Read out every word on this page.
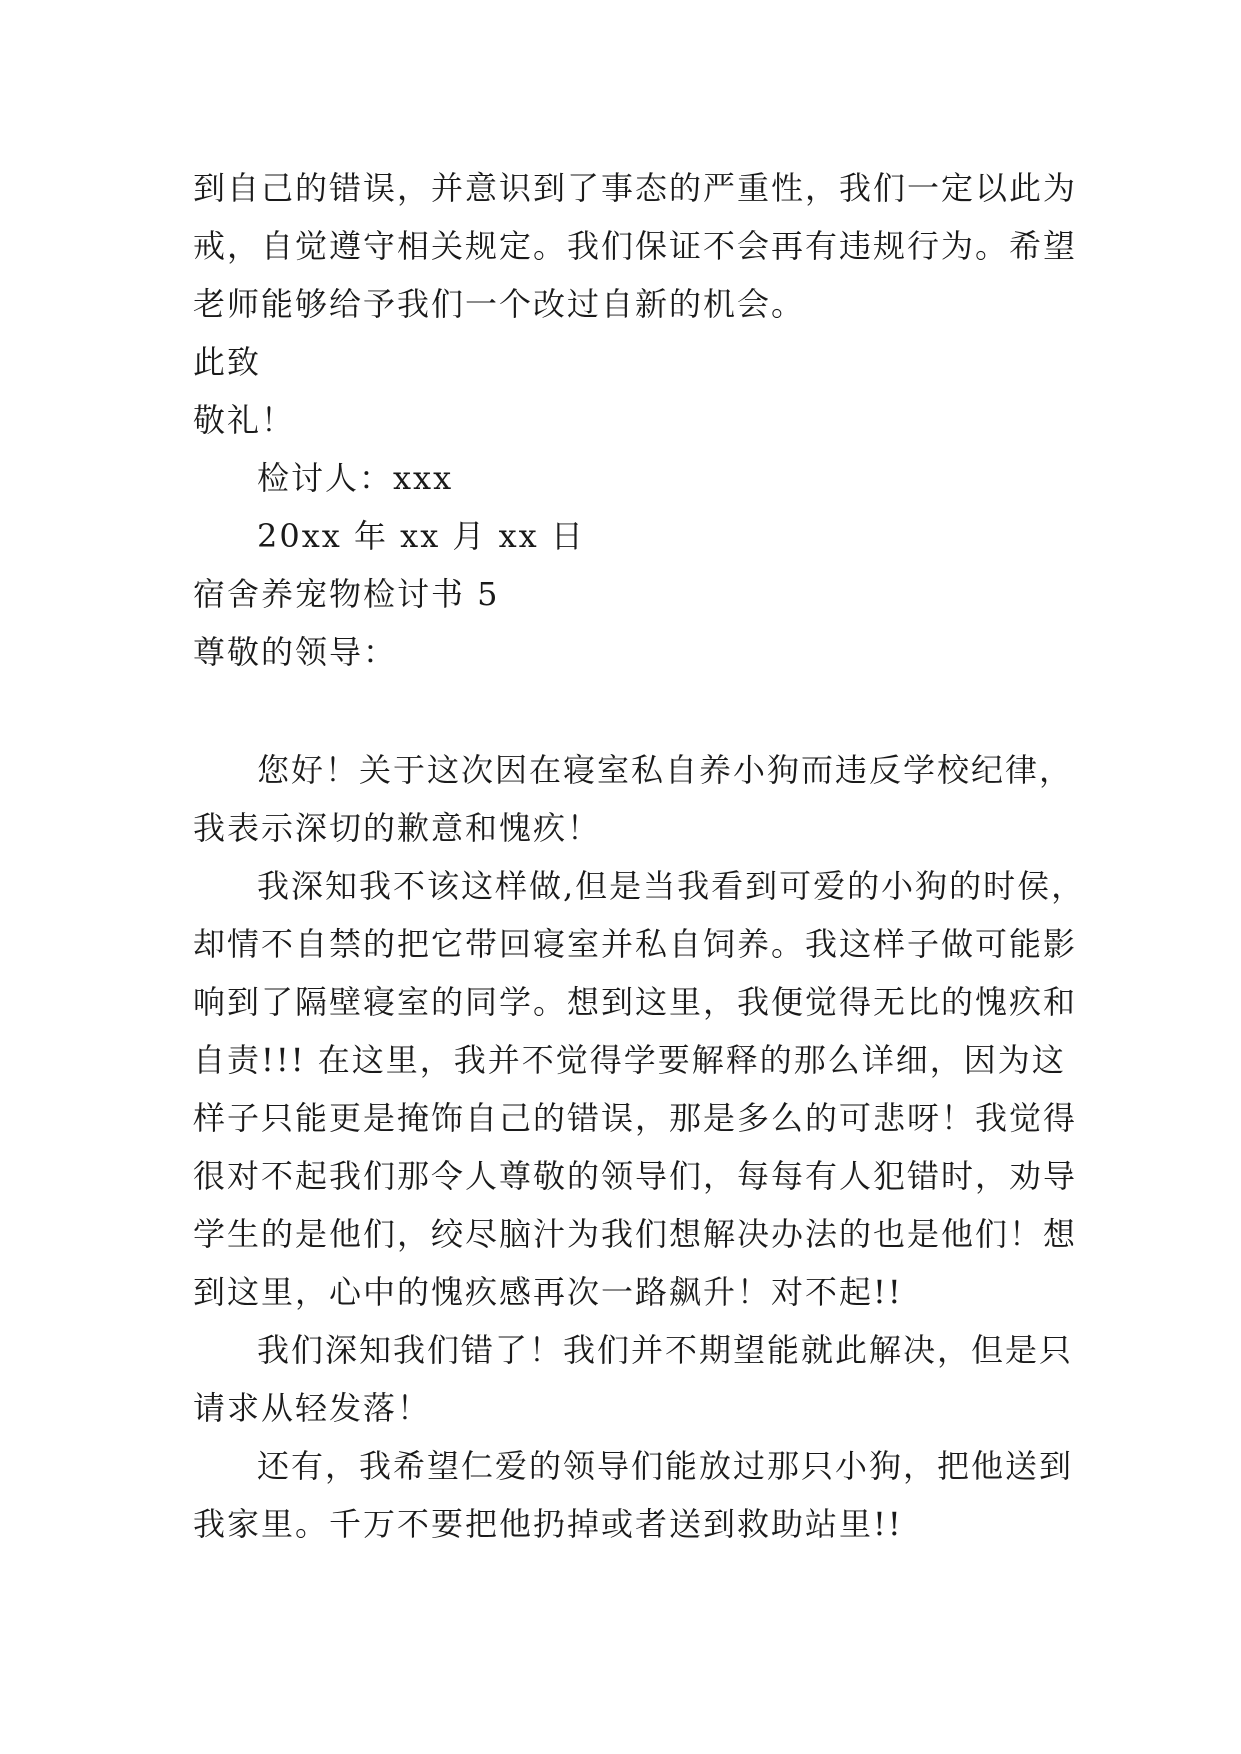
到自己的错误，并意识到了事态的严重性，我们一定以此为
戒，自觉遵守相关规定。我们保证不会再有违规行为。希望
老师能够给予我们一个改过自新的机会。
此致
敬礼！
检讨人：xxx
20xx 年 xx 月 xx 日
宿舍养宠物检讨书 5
尊敬的领导：
您好！关于这次因在寝室私自养小狗而违反学校纪律，
我表示深切的歉意和愧疚！
我深知我不该这样做,但是当我看到可爱的小狗的时侯，
却情不自禁的把它带回寝室并私自饲养。我这样子做可能影
响到了隔壁寝室的同学。想到这里，我便觉得无比的愧疚和
自责!!! 在这里，我并不觉得学要解释的那么详细，因为这
样子只能更是掩饰自己的错误，那是多么的可悲呀！我觉得
很对不起我们那令人尊敬的领导们，每每有人犯错时，劝导
学生的是他们，绞尽脑汁为我们想解决办法的也是他们！想
到这里，心中的愧疚感再次一路飙升！对不起!!
我们深知我们错了！我们并不期望能就此解决，但是只
请求从轻发落！
还有，我希望仁爱的领导们能放过那只小狗，把他送到
我家里。千万不要把他扔掉或者送到救助站里!!
